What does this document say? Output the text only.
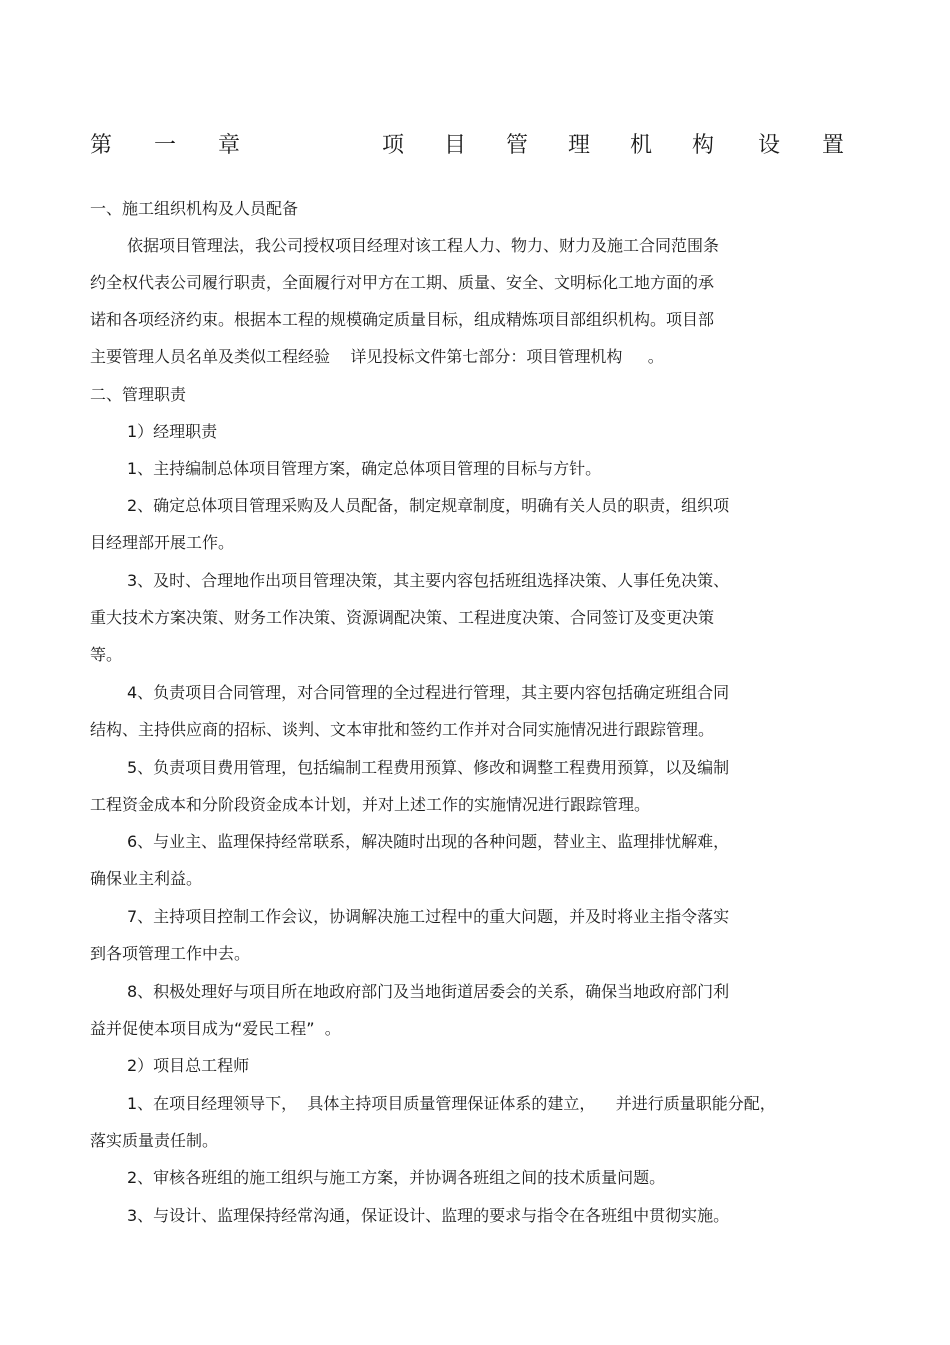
第 一 章	项 目 管 理 机 构 设 置
一、施工组织机构及人员配备
依据项目管理法，我公司授权项目经理对该工程人力、物力、财力及施工合同范围条
约全权代表公司履行职责，全面履行对甲方在工期、质量、安全、文明标化工地方面的承
诺和各项经济约束。根据本工程的规模确定质量目标，组成精炼项目部组织机构。项目部
主要管理人员名单及类似工程经验    详见投标文件第七部分：项目管理机构     。
二、管理职责
1）经理职责
1、主持编制总体项目管理方案，确定总体项目管理的目标与方针。
2、确定总体项目管理采购及人员配备，制定规章制度，明确有关人员的职责，组织项
目经理部开展工作。
3、及时、合理地作出项目管理决策，其主要内容包括班组选择决策、人事任免决策、
重大技术方案决策、财务工作决策、资源调配决策、工程进度决策、合同签订及变更决策
等。
4、负责项目合同管理，对合同管理的全过程进行管理，其主要内容包括确定班组合同
结构、主持供应商的招标、谈判、文本审批和签约工作并对合同实施情况进行跟踪管理。
5、负责项目费用管理，包括编制工程费用预算、修改和调整工程费用预算，以及编制
工程资金成本和分阶段资金成本计划，并对上述工作的实施情况进行跟踪管理。
6、与业主、监理保持经常联系，解决随时出现的各种问题，替业主、监理排忧解难，
确保业主利益。
7、主持项目控制工作会议，协调解决施工过程中的重大问题，并及时将业主指令落实
到各项管理工作中去。
8、积极处理好与项目所在地政府部门及当地街道居委会的关系，确保当地政府部门利
益并促使本项目成为“爱民工程”  。
2）项目总工程师
1、在项目经理领导下，  具体主持项目质量管理保证体系的建立，    并进行质量职能分配，
落实质量责任制。
2、审核各班组的施工组织与施工方案，并协调各班组之间的技术质量问题。
3、与设计、监理保持经常沟通，保证设计、监理的要求与指令在各班组中贯彻实施。
